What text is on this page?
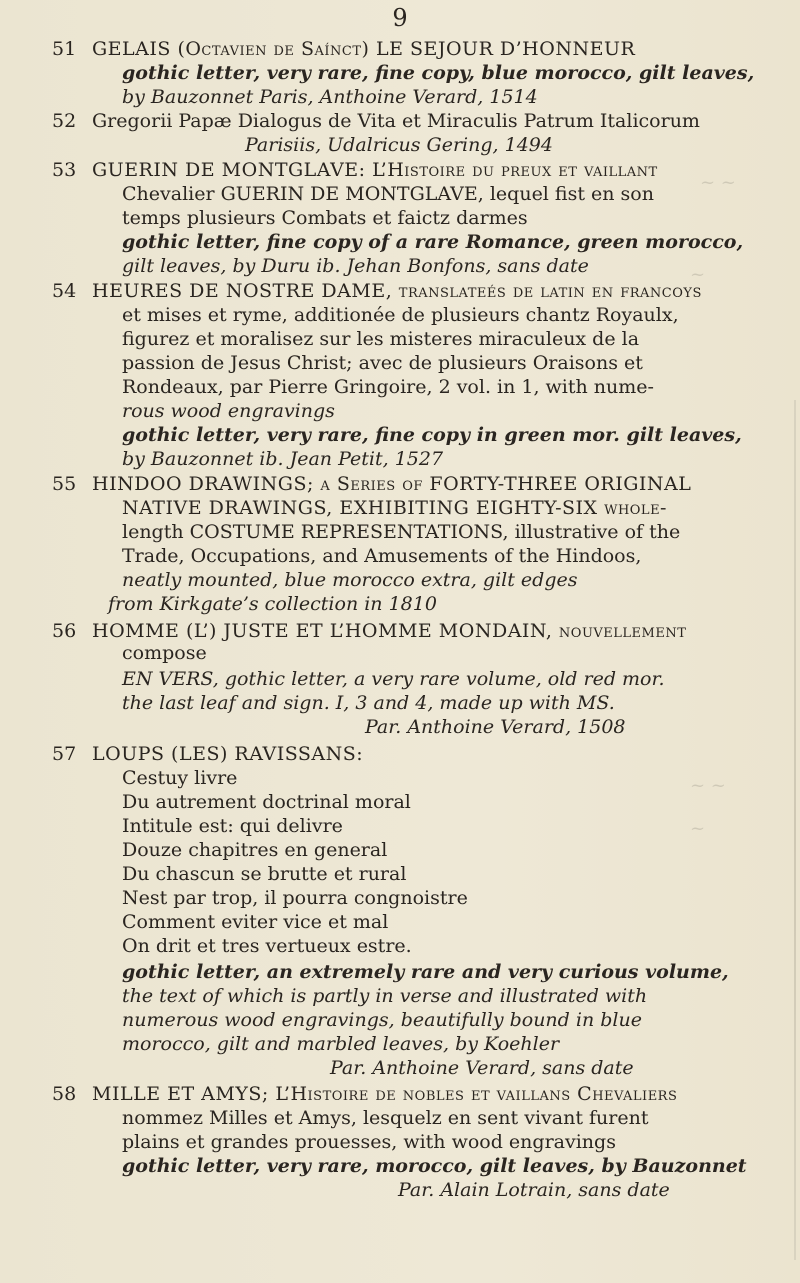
9
51 GELAIS (Octavien de Saínct) LE SEJOUR D’HONNEUR
gothic letter, very rare, fine copy, blue morocco, gilt leaves,
by Bauzonnet Paris, Anthoine Verard, 1514
52 Gregorii Papæ Dialogus de Vita et Miraculis Patrum Italicorum
Parisiis, Udalricus Gering, 1494
53 GUERIN DE MONTGLAVE: L’Histoire du preux et vaillant
Chevalier GUERIN DE MONTGLAVE, lequel fist en son
temps plusieurs Combats et faictz darmes
gothic letter, fine copy of a rare Romance, green morocco,
gilt leaves, by Duru ib. Jehan Bonfons, sans date
54 HEURES DE NOSTRE DAME, translateés de latin en francoys
et mises et ryme, additionée de plusieurs chantz Royaulx,
figurez et moralisez sur les misteres miraculeux de la
passion de Jesus Christ; avec de plusieurs Oraisons et
Rondeaux, par Pierre Gringoire, 2 vol. in 1, with nume-
rous wood engravings
gothic letter, very rare, fine copy in green mor. gilt leaves,
by Bauzonnet ib. Jean Petit, 1527
55 HINDOO DRAWINGS; a Series of FORTY-THREE ORIGINAL
NATIVE DRAWINGS, EXHIBITING EIGHTY-SIX whole-
length COSTUME REPRESENTATIONS, illustrative of the
Trade, Occupations, and Amusements of the Hindoos,
neatly mounted, blue morocco extra, gilt edges
from Kirkgate’s collection in 1810
56 HOMME (L’) JUSTE ET L’HOMME MONDAIN, nouvellement
compose
EN VERS, gothic letter, a very rare volume, old red mor.
the last leaf and sign. I, 3 and 4, made up with MS.
Par. Anthoine Verard, 1508
57 LOUPS (LES) RAVISSANS:
Cestuy livre
Du autrement doctrinal moral
Intitule est: qui delivre
Douze chapitres en general
Du chascun se brutte et rural
Nest par trop, il pourra congnoistre
Comment eviter vice et mal
On drit et tres vertueux estre.
gothic letter, an extremely rare and very curious volume,
the text of which is partly in verse and illustrated with
numerous wood engravings, beautifully bound in blue
morocco, gilt and marbled leaves, by Koehler
Par. Anthoine Verard, sans date
58 MILLE ET AMYS; L’Histoire de nobles et vaillans Chevaliers
nommez Milles et Amys, lesquelz en sent vivant furent
plains et grandes prouesses, with wood engravings
gothic letter, very rare, morocco, gilt leaves, by Bauzonnet
Par. Alain Lotrain, sans date
~ ~
~
~ ~
~
